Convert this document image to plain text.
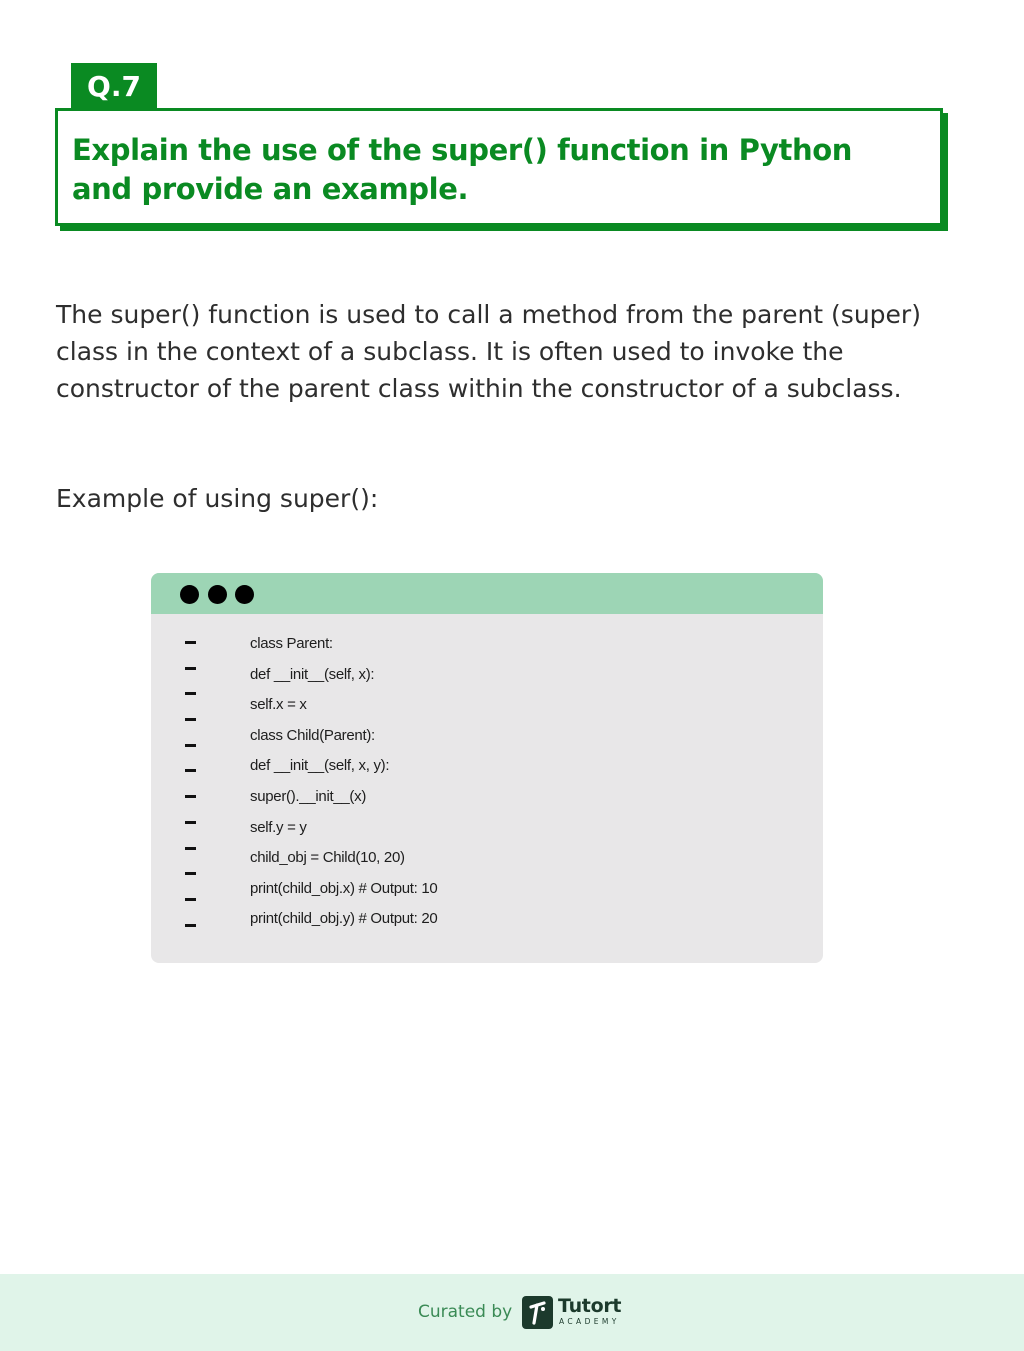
Q.7
Explain the use of the super() function in Python and provide an example.

The super() function is used to call a method from the parent (super) class in the context of a subclass. It is often used to invoke the constructor of the parent class within the constructor of a subclass.

Example of using super():

class Parent:
def __init__(self, x):
self.x = x
class Child(Parent):
def __init__(self, x, y):
super().__init__(x)
self.y = y
child_obj = Child(10, 20)
print(child_obj.x) # Output: 10
print(child_obj.y) # Output: 20
Curated by Tutort
ACADEMY
